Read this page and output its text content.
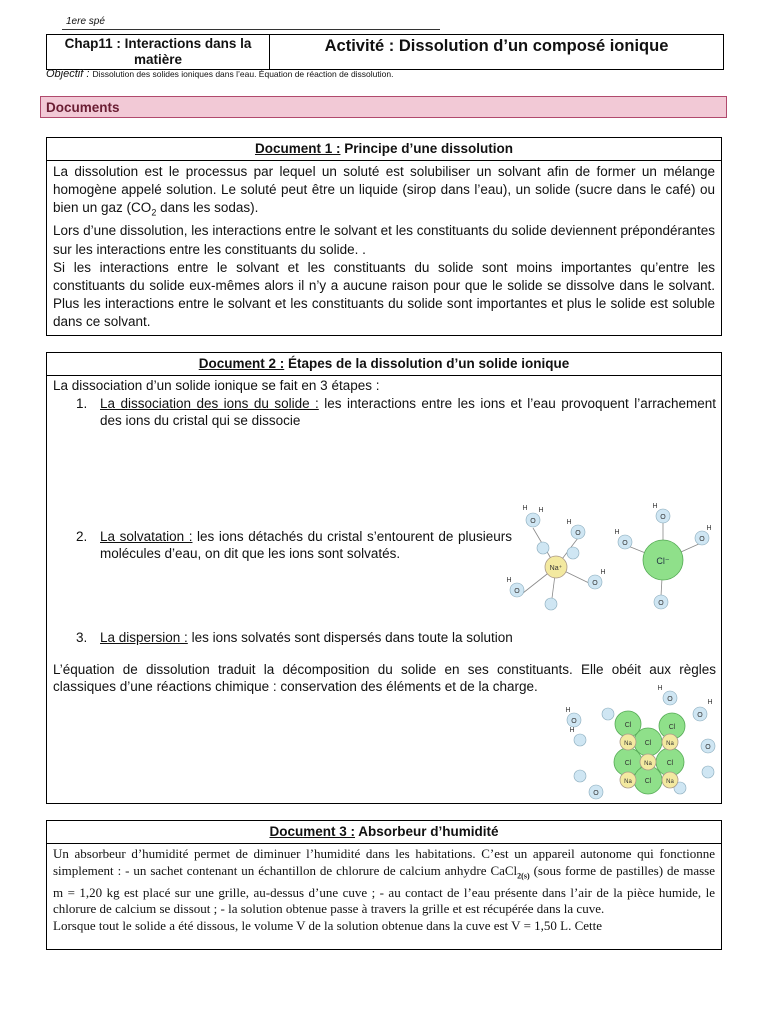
1ere spé
Chap11 : Interactions dans la matière
Activité : Dissolution d’un composé ionique
Objectif : Dissolution des solides ioniques dans l’eau. Équation de réaction de dissolution.
Documents
Document 1 : Principe d’une dissolution
La dissolution est le processus par lequel un soluté est solubiliser un solvant afin de former un mélange homogène appelé solution. Le soluté peut être un liquide (sirop dans l’eau), un solide (sucre dans le café) ou bien un gaz ($CO_2$ dans les sodas).
Lors d’une dissolution, les interactions entre le solvant et les constituants du solide deviennent prépondérantes sur les interactions entre les constituants du solide. .
Si les interactions entre le solvant et les constituants du solide sont moins importantes qu’entre les constituants du solide eux-mêmes alors il n’y a aucune raison pour que le solide se dissolve dans le solvant. Plus les interactions entre le solvant et les constituants du solide sont importantes et plus le solide est soluble dans ce solvant.
Document 2 : Étapes de la dissolution d’un solide ionique
La dissociation d’un solide ionique se fait en 3 étapes :
1. La dissociation des ions du solide : les interactions entre les ions et l’eau provoquent l’arrachement des ions du cristal qui se dissocie
2. La solvatation : les ions détachés du cristal s’entourent de plusieurs molécules d’eau, on dit que les ions sont solvatés.
3. La dispersion : les ions solvatés sont dispersés dans toute la solution
L’équation de dissolution traduit la décomposition du solide en ses constituants. Elle obéit aux règles classiques d’une réactions chimique : conservation des éléments et de la charge.
O
O
O
O
O
O
O
O
H H
H
H
H
H
H
H
Na⁺
Cl⁻
O
O
O
O
O
H
H
H
H
Cl
Cl
Cl
Cl
Cl	Cl
Na	Na
Na
Na	Na
Document 3 : Absorbeur d’humidité
Un absorbeur d’humidité permet de diminuer l’humidité dans les habitations. C’est un appareil autonome qui fonctionne simplement : - un sachet contenant un échantillon de chlorure de calcium anhydre CaCl$_{2(s)}$ (sous forme de pastilles) de masse m = 1,20 kg est placé sur une grille, au-dessus d’une cuve ; - au contact de l’eau présente dans l’air de la pièce humide, le chlorure de calcium se dissout ; - la solution obtenue passe à travers la grille et est récupérée dans la cuve.
Lorsque tout le solide a été dissous, le volume V de la solution obtenue dans la cuve est V = 1,50 L. Cette
